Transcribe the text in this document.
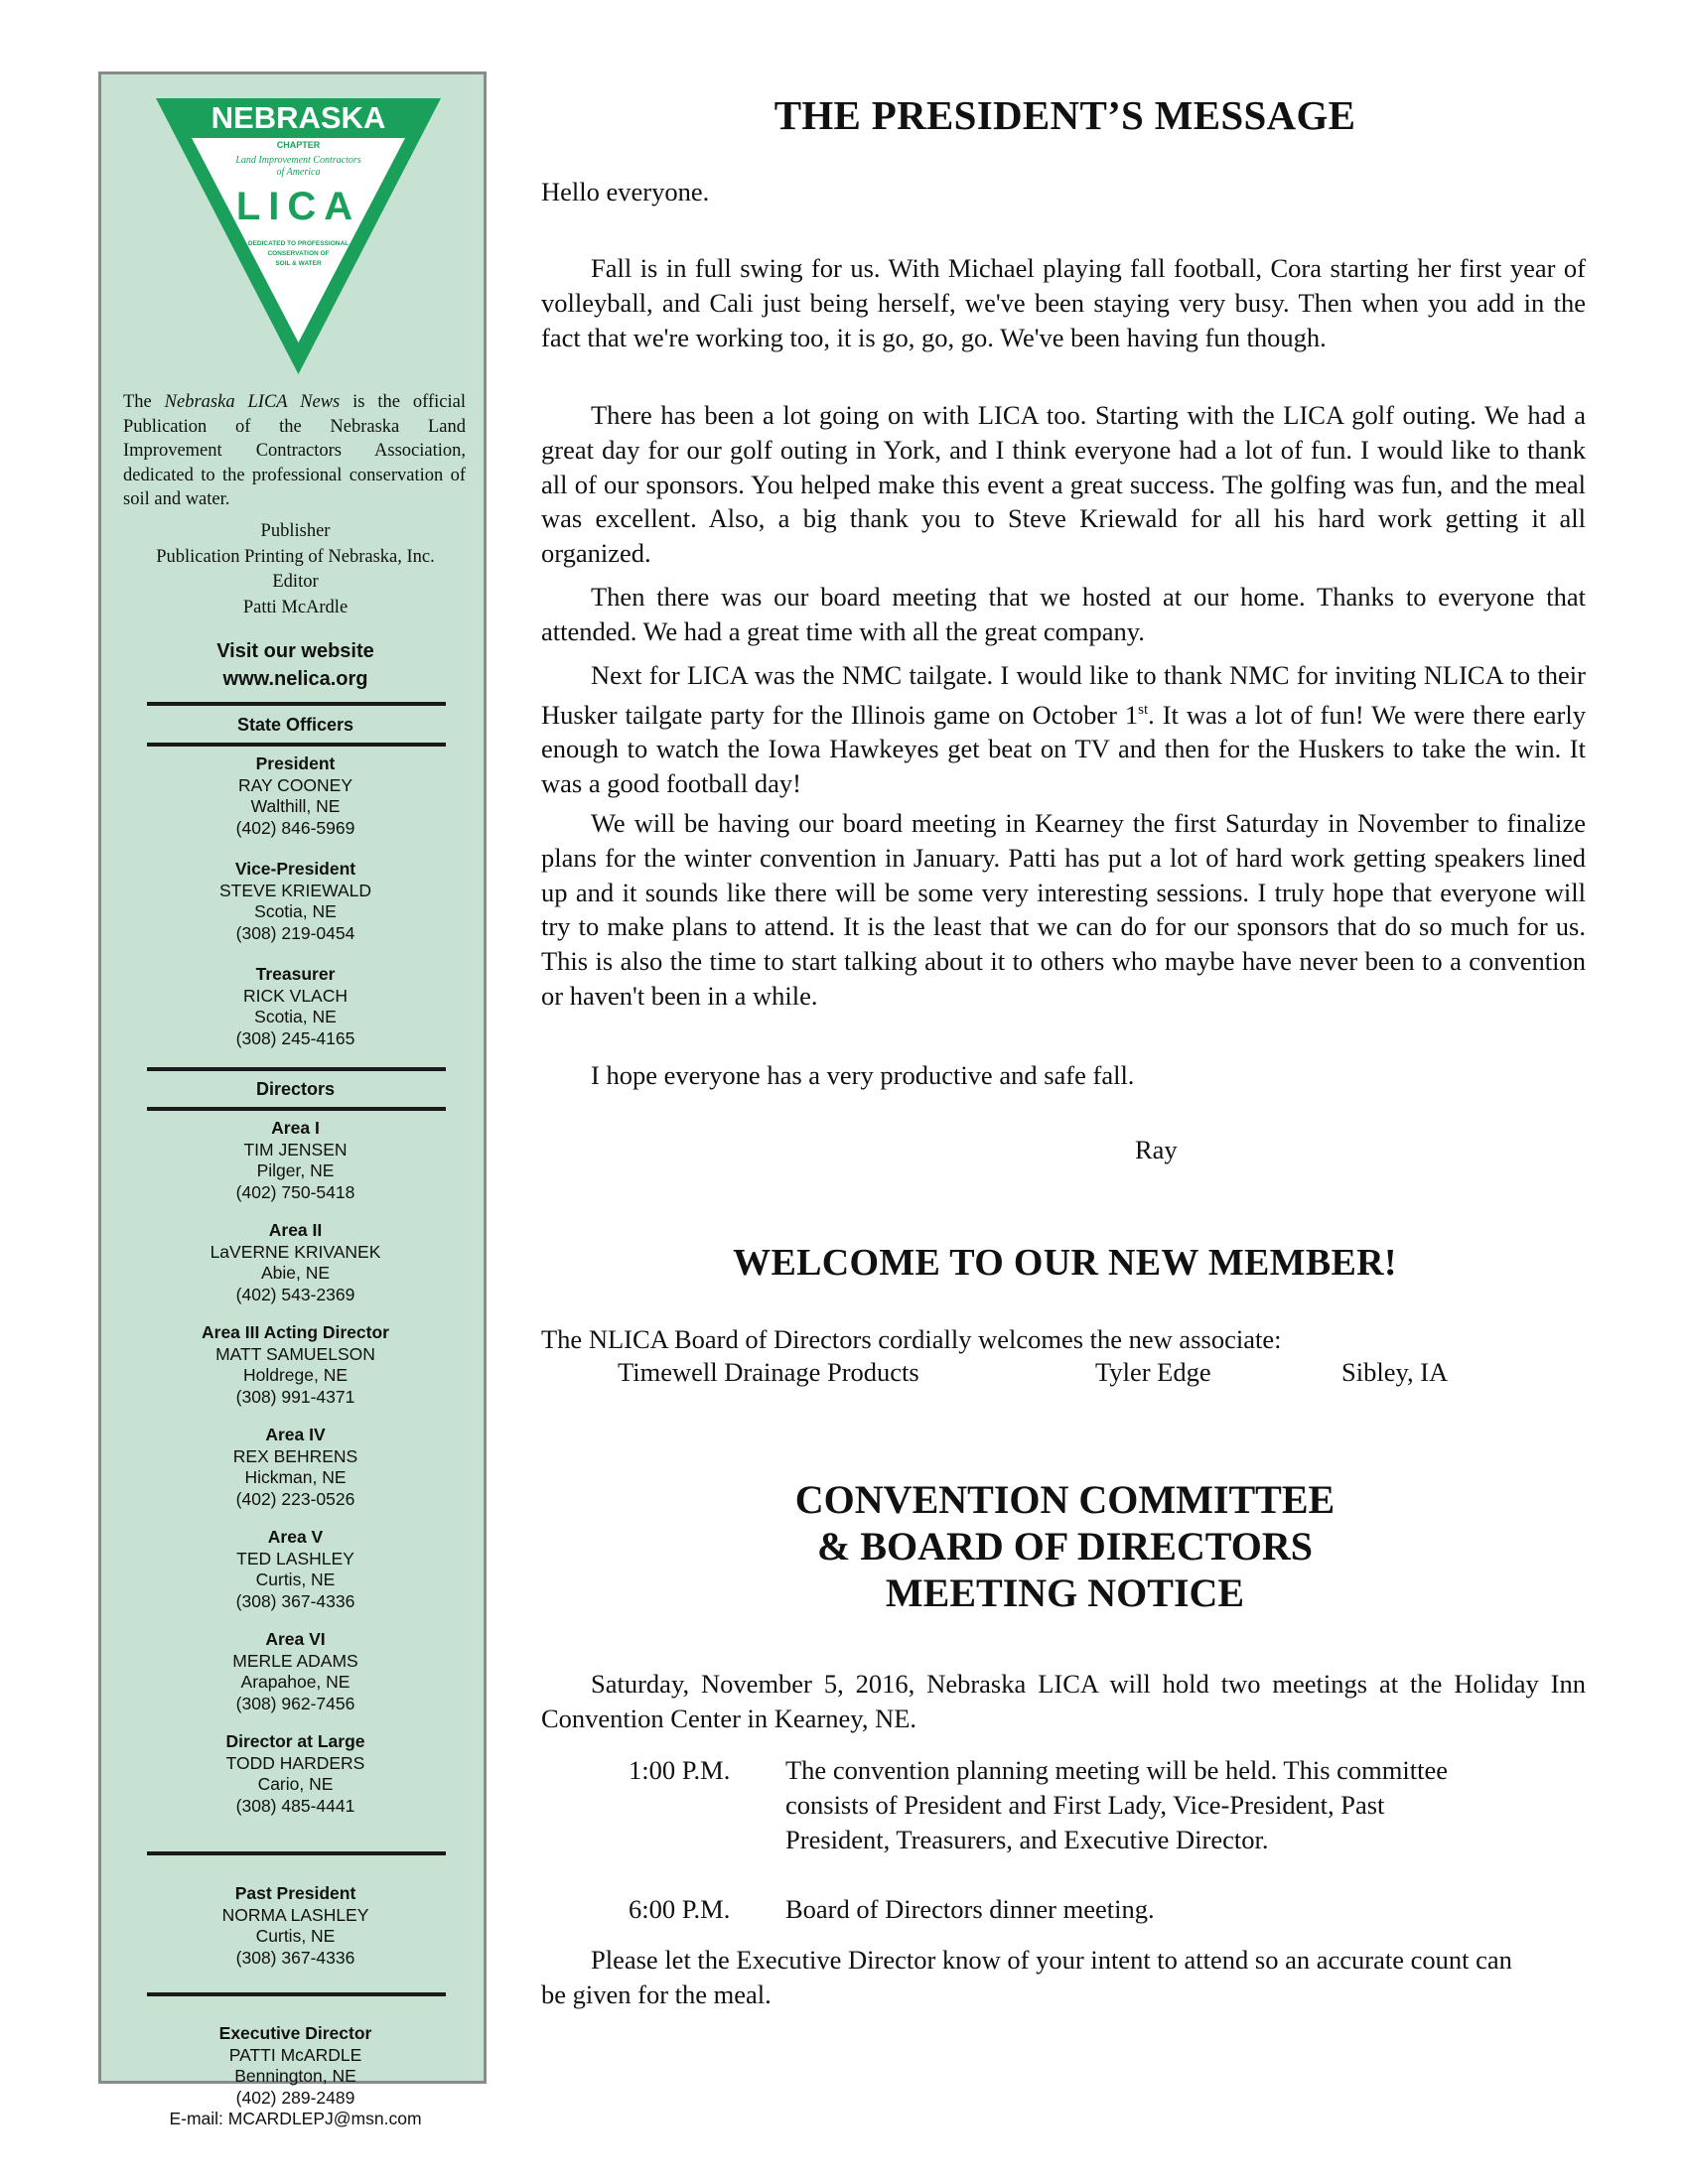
NEBRASKA
CHAPTER
Land Improvement Contractors
of America
LICA
DEDICATED TO PROFESSIONAL
CONSERVATION OF
SOIL & WATER
The Nebraska LICA News is the official Publication of the Nebraska Land Improvement Contractors Association, dedicated to the professional conservation of soil and water.
Publisher
Publication Printing of Nebraska, Inc.
Editor
Patti McArdle
Visit our website
www.nelica.org
State Officers
President
RAY COONEY
Walthill, NE
(402) 846-5969
Vice-President
STEVE KRIEWALD
Scotia, NE
(308) 219-0454
Treasurer
RICK VLACH
Scotia, NE
(308) 245-4165
Directors
Area I
TIM JENSEN
Pilger, NE
(402) 750-5418
Area II
LaVERNE KRIVANEK
Abie, NE
(402) 543-2369
Area III Acting Director
MATT SAMUELSON
Holdrege, NE
(308) 991-4371
Area IV
REX BEHRENS
Hickman, NE
(402) 223-0526
Area V
TED LASHLEY
Curtis, NE
(308) 367-4336
Area VI
MERLE ADAMS
Arapahoe, NE
(308) 962-7456
Director at Large
TODD HARDERS
Cario, NE
(308) 485-4441
Past President
NORMA LASHLEY
Curtis, NE
(308) 367-4336
Executive Director
PATTI McARDLE
Bennington, NE
(402) 289-2489
E-mail: MCARDLEPJ@msn.com
THE PRESIDENT’S MESSAGE
Hello everyone.
Fall is in full swing for us. With Michael playing fall football, Cora starting her first year of volleyball, and Cali just being herself, we've been staying very busy. Then when you add in the fact that we're working too, it is go, go, go. We've been having fun though.
There has been a lot going on with LICA too. Starting with the LICA golf outing. We had a great day for our golf outing in York, and I think everyone had a lot of fun. I would like to thank all of our sponsors. You helped make this event a great success. The golfing was fun, and the meal was excellent. Also, a big thank you to Steve Kriewald for all his hard work getting it all organized.
Then there was our board meeting that we hosted at our home. Thanks to everyone that attended. We had a great time with all the great company.
Next for LICA was the NMC tailgate. I would like to thank NMC for inviting NLICA to their Husker tailgate party for the Illinois game on October 1st. It was a lot of fun! We were there early enough to watch the Iowa Hawkeyes get beat on TV and then for the Huskers to take the win. It was a good football day!
We will be having our board meeting in Kearney the first Saturday in November to finalize plans for the winter convention in January. Patti has put a lot of hard work getting speakers lined up and it sounds like there will be some very interesting sessions. I truly hope that everyone will try to make plans to attend. It is the least that we can do for our sponsors that do so much for us. This is also the time to start talking about it to others who maybe have never been to a convention or haven't been in a while.
I hope everyone has a very productive and safe fall.
Ray
WELCOME TO OUR NEW MEMBER!
The NLICA Board of Directors cordially welcomes the new associate:
Timewell Drainage Products	Tyler Edge	Sibley, IA
CONVENTION COMMITTEE
& BOARD OF DIRECTORS
MEETING NOTICE
Saturday, November 5, 2016, Nebraska LICA will hold two meetings at the Holiday Inn Convention Center in Kearney, NE.
1:00 P.M. The convention planning meeting will be held. This committee consists of President and First Lady, Vice-President, Past President, Treasurers, and Executive Director.
6:00 P.M. Board of Directors dinner meeting.
Please let the Executive Director know of your intent to attend so an accurate count can be given for the meal.
